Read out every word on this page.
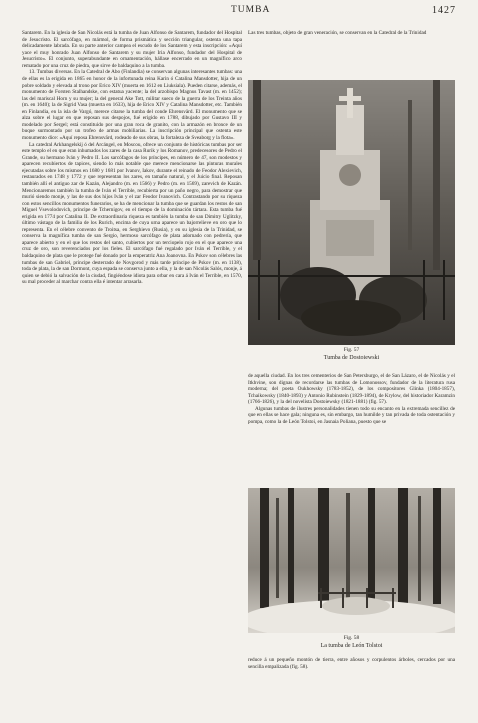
TUMBA	1427

Santarem. En la iglesia de San Nicolás está la tumba de Juan Alfonso de Santarem, fundador del Hospital de Jesucristo. El sarcófago, en mármol, de forma prismática y sección triangular, ostenta una tapa delicadamente labrada. En su parte anterior campea el escudo de los Santarem y esta inscripción: «Aquí yace el muy honrado Juan Alfonso de Santarem y su mujer Iria Alfonso, fundador del Hospital de Jesucristo». El conjunto, superabundante en ornamentación, hállase encerrado en un magnífico arco rematado por una cruz de piedra, que sirve de baldaquino a la tumba.

13. Tumbas diversas. En la Catedral de Abo (Finlandia) se conservan algunas interesantes tumbas: una de ellas es la erigida en 1865 en honor de la infortunada reina Karin ó Catalina Mansdotter, hija de un pobre soldado y elevada al trono por Erico XIV (muerta en 1612 en Liuksiala). Pueden citarse, además, el monumento de Forsten Stalhandske, con estatua yacente; la del arzobispo Magnus Tavast (m. en 1452); las del mariscal Horn y su mujer; la del general Ake Tott, militar sueco de la guerra de los Treinta años (m. en 1640); la de Sigrid Vasa (muerta en 1633), hija de Erico XIV y Catalina Mansdotter, etc. También en Finlandia, en la isla de Vargó, merece citarse la tumba del conde Ehrensvärd. El monumento que se alza sobre el lugar en que reposan sus despojos, fué erigido en 1788, dibujado por Gustavo III y modelado por Sergel; está constituido por una gran roca de granito, con la armazón en bronce de un buque surmontado por un trofeo de armas mobiliarias. La inscripción principal que ostenta este monumento dice: «Aquí reposa Ehrensvärd, rodeado de sus obras, la fortaleza de Sveaborg y la flota».

La catedral Arkhangelskij ó del Arcángel, en Moscou, ofrece un conjunto de históricas tumbas por ser este templo el en que eran inhumados los zares de la casa Rurik y los Romanov, predecesores de Pedro el Grande, su hermano Iván y Pedro II. Los sarcófagos de los príncipes, en número de 47, son modestos y aparecen recubiertos de tapices, siendo lo más notable que merece mencionarse las pinturas murales ejecutadas sobre los mismos en 1680 y 1681 por Ivanov, Iakov, durante el reinado de Feodor Alexievich, restaurados en 1748 y 1772 y que representan los zares, en tamaño natural, y el Juicio final. Reposan también allí el antiguo zar de Kazán, Alejandro (m. en 1566) y Pedro (m. en 1569), zarevich de Kazán. Mencionaremos también la tumba de Iván el Terrible, recubierta por un paño negro, para demostrar que murió siendo monje, y las de sus dos hijos Iván y el zar Feodor Ivanovich. Contrastando por su riqueza con estos sencillos monumentos funerarios, se ha de mencionar la tumba que se guardan los restos de san Miguel Vsevolodovich, príncipe de Tchernigov, en el tiempo de la dominación tártara. Esta tumba fué erigida en 1774 por Catalina II. De extraordinaria riqueza es también la tumba de san Dimitry Uglitzky, último vástago de la familia de los Rurich, encima de cuya urna aparece un bajorrelieve en oro que lo representa. En el célebre convento de Troitsa, en Serghievo (Rusia), y en su iglesia de la Trinidad, se conserva la magnífica tumba de san Sergio, hermoso sarcófago de plata adornado con pedrería, que aparece abierto y en el que los restos del santo, cubiertos por un terciopelo rojo en el que aparece una cruz de oro, son reverenciados por los fieles. El sarcófago fué regalado por Iván el Terrible, y el baldaquino de plata que le protege fué donado por la emperatriz Ana Joanovna. En Pskov son célebres las tumbas de san Gabriel, príncipe desterrado de Novgorod y más tarde príncipe de Pskov (m. en 1138), toda de plata, la de san Dormont, cuya espada se conserva junto a ella, y la de san Nicolás Salós, monje, á quien se debió la salvación de la ciudad, fingiéndose idiota para orbar en cara á Iván el Terrible, en 1570, su mal proceder al marchar contra ella é intentar arrasarla.

Las tres tumbas, objeto de gran veneración, se conservan en la Catedral de la Trinidad

Fig. 57
Tumba de Dostoiewski

de aquella ciudad. En los tres cementerios de San Petersburgo, el de San Lázaro, el de Nicolás y el Itkhvine, son dignas de recordarse las tumbas de Lomonossov, fundador de la literatura rusa moderna; del poeta Oukhowsky (1783-1852), de los compositores Glinka (1804-1857), Tchaikowsky (1840-1893) y Antonio Rubinstein (1829-1894), de Krylow, del historiador Karamzin (1766-1826), y la del novelista Dostoiewsky (1821-1881) (fig. 57).

Algunas tumbas de ilustres personalidades tienen todo su encanto en la extremada sencillez de que en ellas se hace gala; ninguna es, sin embargo, tan humilde y tan privada de toda ostentación y pompa, como la de León Tolstoi, en Jasnaia Poliana, puesto que se

Fig. 58
La tumba de León Tolstoi

reduce á un pequeño montón de tierra, entre añosos y corpulentos árboles, cercados por una sencilla empalizada (fig. 58).
